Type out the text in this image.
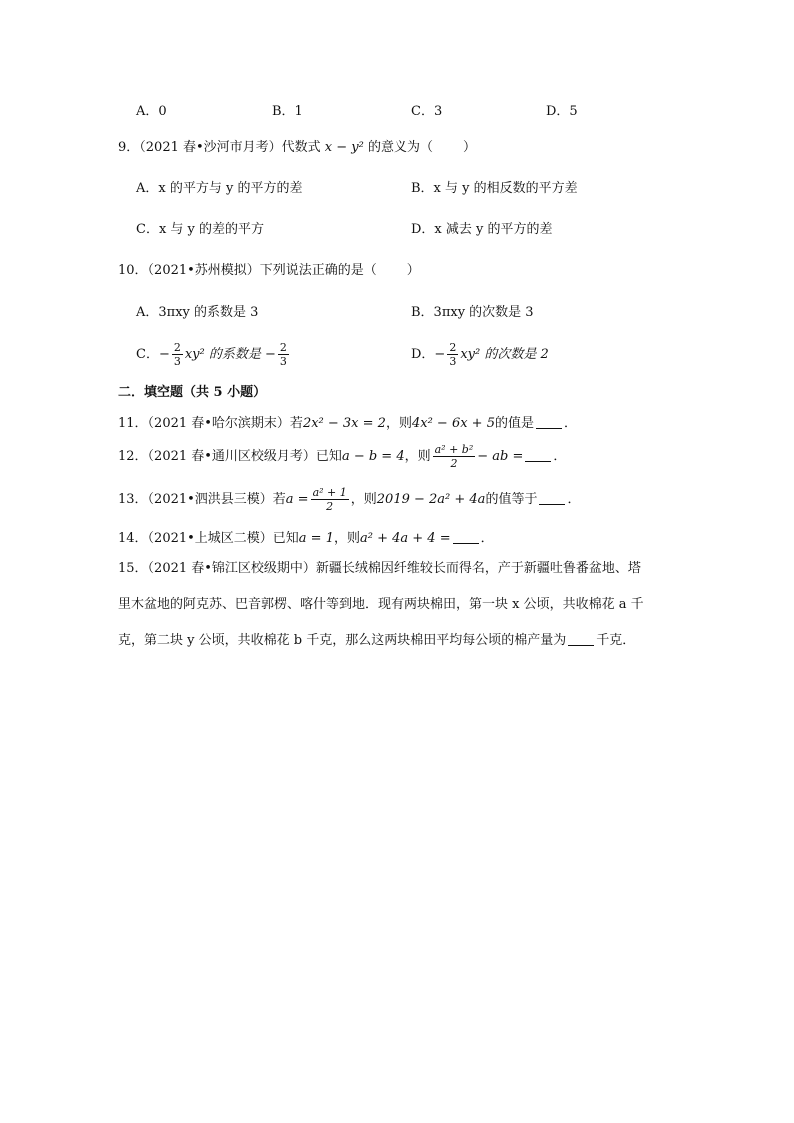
A．0	B．1	C．3	D．5
9．（2021 春•沙河市月考）代数式 x − y² 的意义为（ ）
A．x 的平方与 y 的平方的差	B．x 与 y 的相反数的平方差
C．x 与 y 的差的平方	D．x 减去 y 的平方的差
10．（2021•苏州模拟）下列说法正确的是（ ）
A．3πxy 的系数是 3	B．3πxy 的次数是 3
C．− $\frac{2}{3} xy^2$ 的系数是 − $\frac{2}{3}$	D．− $\frac{2}{3} xy^2$ 的次数是 2
二．填空题（共 5 小题）
11．（2021 春•哈尔滨期末）若2x² − 3x = 2，则4x² − 6x + 5的值是 ．
12．（2021 春•通川区校级月考）已知a − b = 4，则 $\frac{\text{a² + b²}}{2}$ − ab = ．
13．（2021•泗洪县三模）若$a = \frac{\text{a² + 1}}{2}$ ，则2019 − 2a² + 4a的值等于 ．
14．（2021•上城区二模）已知a = 1，则a² + 4a + 4 = ．
15．（2021 春•锦江区校级期中）新疆长绒棉因纤维较长而得名，产于新疆吐鲁番盆地、塔
里木盆地的阿克苏、巴音郭楞、喀什等到地．现有两块棉田，第一块 x 公顷，共收棉花 a 千
克，第二块 y 公顷，共收棉花 b 千克，那么这两块棉田平均每公顷的棉产量为 千克．
